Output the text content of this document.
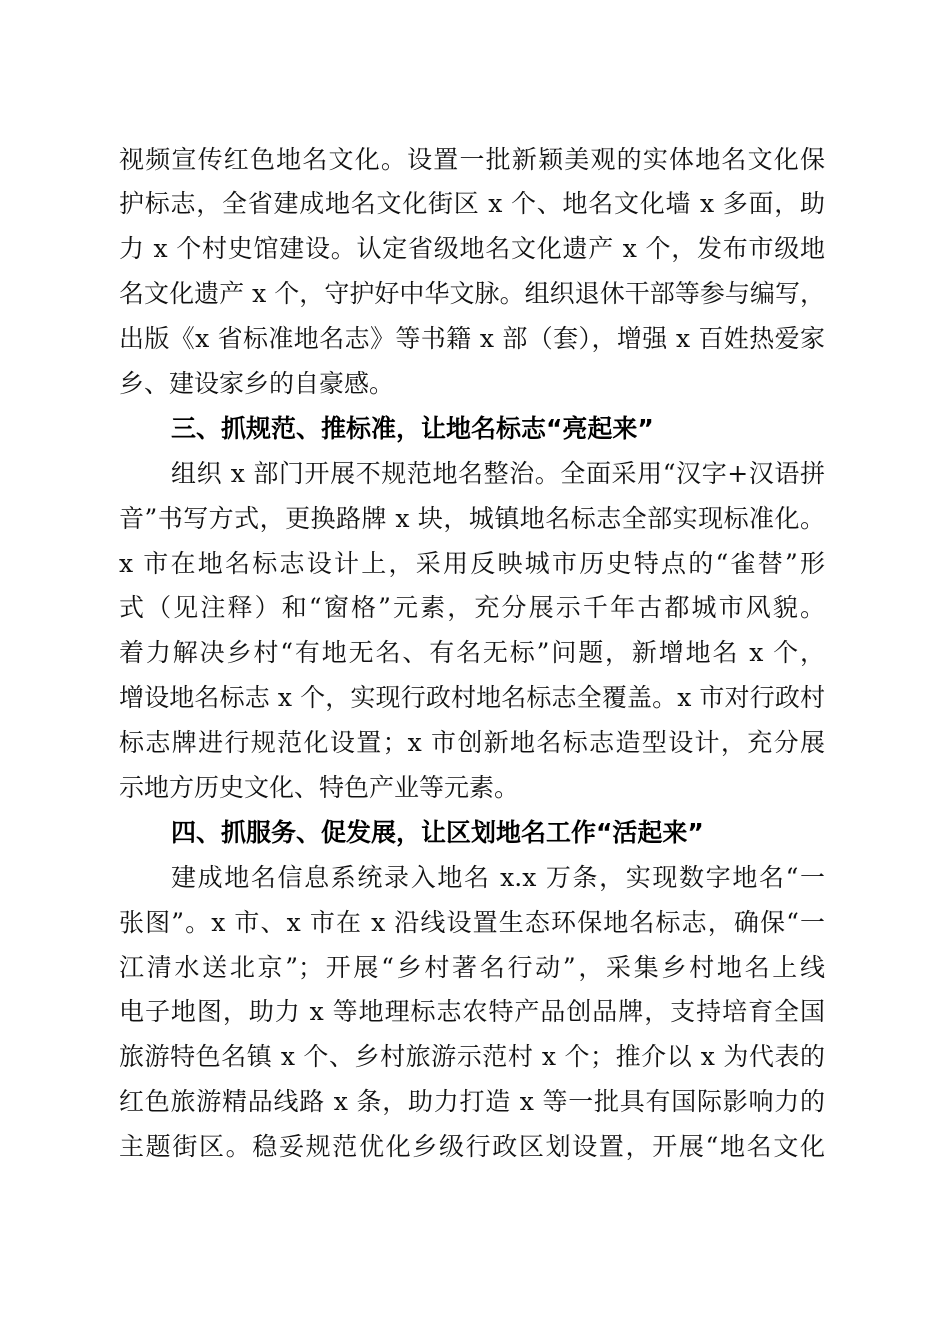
视频宣传红色地名文化。设置一批新颖美观的实体地名文化保
护标志，全省建成地名文化街区 x 个、地名文化墙 x 多面，助
力 x 个村史馆建设。认定省级地名文化遗产 x 个，发布市级地
名文化遗产 x 个，守护好中华文脉。组织退休干部等参与编写，
出版《x 省标准地名志》等书籍 x 部（套），增强 x 百姓热爱家
乡、建设家乡的自豪感。
三、抓规范、推标准，让地名标志“亮起来”
组织 x 部门开展不规范地名整治。全面采用“汉字+汉语拼
音”书写方式，更换路牌 x 块，城镇地名标志全部实现标准化。
x 市在地名标志设计上，采用反映城市历史特点的“雀替”形
式（见注释）和“窗格”元素，充分展示千年古都城市风貌。
着力解决乡村“有地无名、有名无标”问题，新增地名 x 个，
增设地名标志 x 个，实现行政村地名标志全覆盖。x 市对行政村
标志牌进行规范化设置；x 市创新地名标志造型设计，充分展
示地方历史文化、特色产业等元素。
四、抓服务、促发展，让区划地名工作“活起来”
建成地名信息系统录入地名 x.x 万条，实现数字地名“一
张图”。x 市、x 市在 x 沿线设置生态环保地名标志，确保“一
江清水送北京”；开展“乡村著名行动”，采集乡村地名上线
电子地图，助力 x 等地理标志农特产品创品牌，支持培育全国
旅游特色名镇 x 个、乡村旅游示范村 x 个；推介以 x 为代表的
红色旅游精品线路 x 条，助力打造 x 等一批具有国际影响力的
主题街区。稳妥规范优化乡级行政区划设置，开展“地名文化
